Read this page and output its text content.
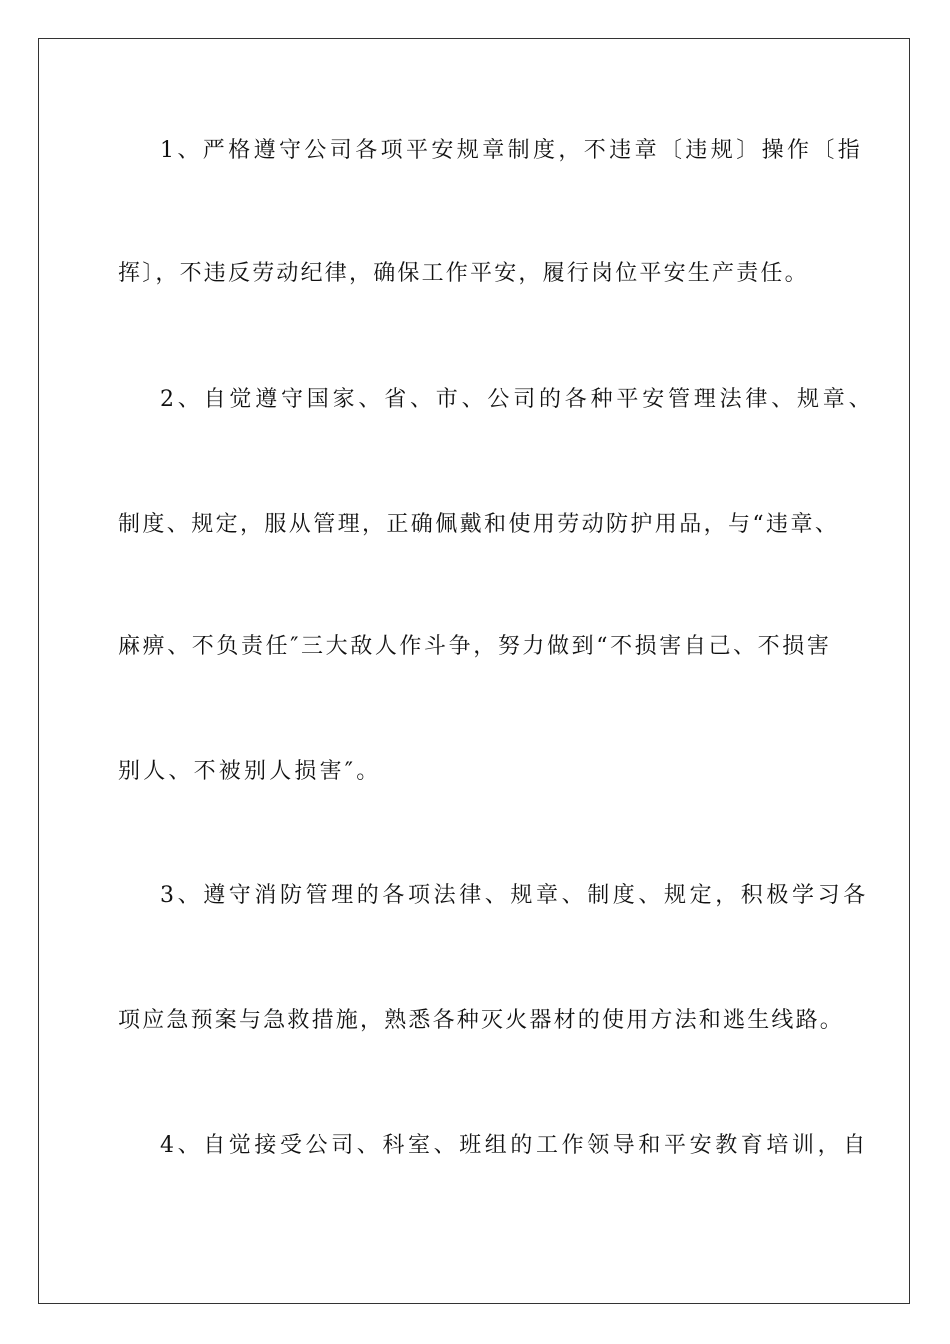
1、严格遵守公司各项平安规章制度，不违章〔违规〕操作〔指
挥〕，不违反劳动纪律，确保工作平安，履行岗位平安生产责任。
2、自觉遵守国家、省、市、公司的各种平安管理法律、规章、
制度、规定，服从管理，正确佩戴和使用劳动防护用品，与“违章、
麻痹、不负责任″三大敌人作斗争，努力做到“不损害自己、不损害
别人、不被别人损害″。
3、遵守消防管理的各项法律、规章、制度、规定，积极学习各
项应急预案与急救措施，熟悉各种灭火器材的使用方法和逃生线路。
4、自觉接受公司、科室、班组的工作领导和平安教育培训，自
